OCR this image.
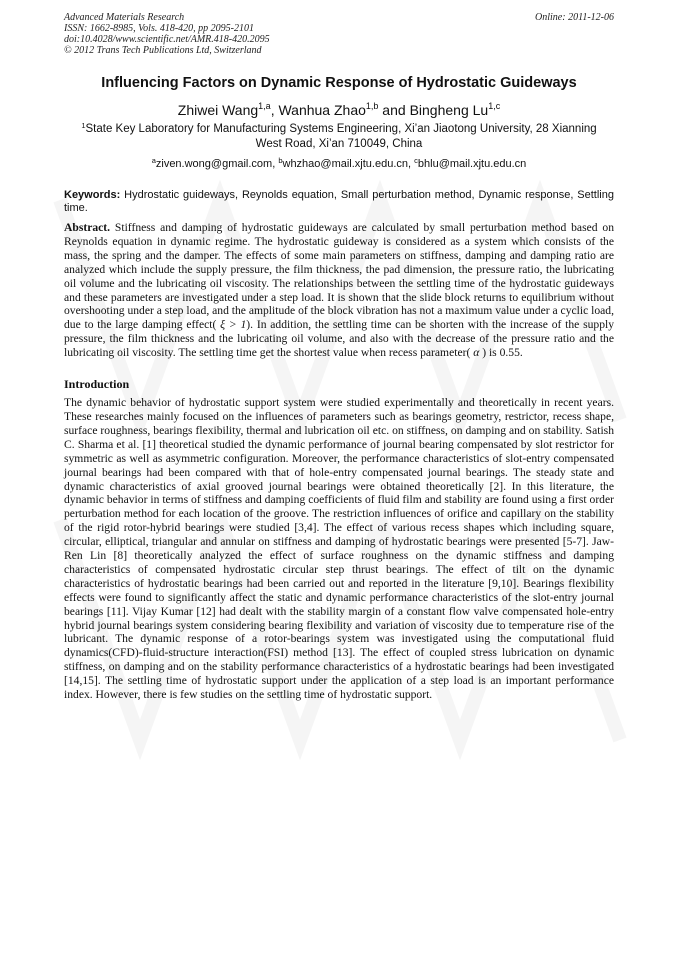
Advanced Materials Research
ISSN: 1662-8985, Vols. 418-420, pp 2095-2101
doi:10.4028/www.scientific.net/AMR.418-420.2095
© 2012 Trans Tech Publications Ltd, Switzerland
Online: 2011-12-06
Influencing Factors on Dynamic Response of Hydrostatic Guideways
Zhiwei Wang$^{1,a}$, Wanhua Zhao$^{1,b}$ and Bingheng Lu$^{1,c}$
$^1$State Key Laboratory for Manufacturing Systems Engineering, Xi’an Jiaotong University, 28 Xianning West Road, Xi’an 710049, China
$^a$ziven.wong@gmail.com, $^b$whzhao@mail.xjtu.edu.cn, $^c$bhlu@mail.xjtu.edu.cn
Keywords: Hydrostatic guideways, Reynolds equation, Small perturbation method, Dynamic response, Settling time.
Abstract. Stiffness and damping of hydrostatic guideways are calculated by small perturbation method based on Reynolds equation in dynamic regime. The hydrostatic guideway is considered as a system which consists of the mass, the spring and the damper. The effects of some main parameters on stiffness, damping and damping ratio are analyzed which include the supply pressure, the film thickness, the pad dimension, the pressure ratio, the lubricating oil volume and the lubricating oil viscosity. The relationships between the settling time of the hydrostatic guideways and these parameters are investigated under a step load. It is shown that the slide block returns to equilibrium without overshooting under a step load, and the amplitude of the block vibration has not a maximum value under a cyclic load, due to the large damping effect( ξ > 1). In addition, the settling time can be shorten with the increase of the supply pressure, the film thickness and the lubricating oil volume, and also with the decrease of the pressure ratio and the lubricating oil viscosity. The settling time get the shortest value when recess parameter( α ) is 0.55.
Introduction
The dynamic behavior of hydrostatic support system were studied experimentally and theoretically in recent years. These researches mainly focused on the influences of parameters such as bearings geometry, restrictor, recess shape, surface roughness, bearings flexibility, thermal and lubrication oil etc. on stiffness, on damping and on stability. Satish C. Sharma et al. [1] theoretical studied the dynamic performance of journal bearing compensated by slot restrictor for symmetric as well as asymmetric configuration. Moreover, the performance characteristics of slot-entry compensated journal bearings had been compared with that of hole-entry compensated journal bearings. The steady state and dynamic characteristics of axial grooved journal bearings were obtained theoretically [2]. In this literature, the dynamic behavior in terms of stiffness and damping coefficients of fluid film and stability are found using a first order perturbation method for each location of the groove. The restriction influences of orifice and capillary on the stability of the rigid rotor-hybrid bearings were studied [3,4]. The effect of various recess shapes which including square, circular, elliptical, triangular and annular on stiffness and damping of hydrostatic bearings were presented [5-7]. Jaw-Ren Lin [8] theoretically analyzed the effect of surface roughness on the dynamic stiffness and damping characteristics of compensated hydrostatic circular step thrust bearings. The effect of tilt on the dynamic characteristics of hydrostatic bearings had been carried out and reported in the literature [9,10]. Bearings flexibility effects were found to significantly affect the static and dynamic performance characteristics of the slot-entry journal bearings [11]. Vijay Kumar [12] had dealt with the stability margin of a constant flow valve compensated hole-entry hybrid journal bearings system considering bearing flexibility and variation of viscosity due to temperature rise of the lubricant. The dynamic response of a rotor-bearings system was investigated using the computational fluid dynamics(CFD)-fluid-structure interaction(FSI) method [13]. The effect of coupled stress lubrication on dynamic stiffness, on damping and on the stability performance characteristics of a hydrostatic bearings had been investigated [14,15]. The settling time of hydrostatic support under the application of a step load is an important performance index. However, there is few studies on the settling time of hydrostatic support.
